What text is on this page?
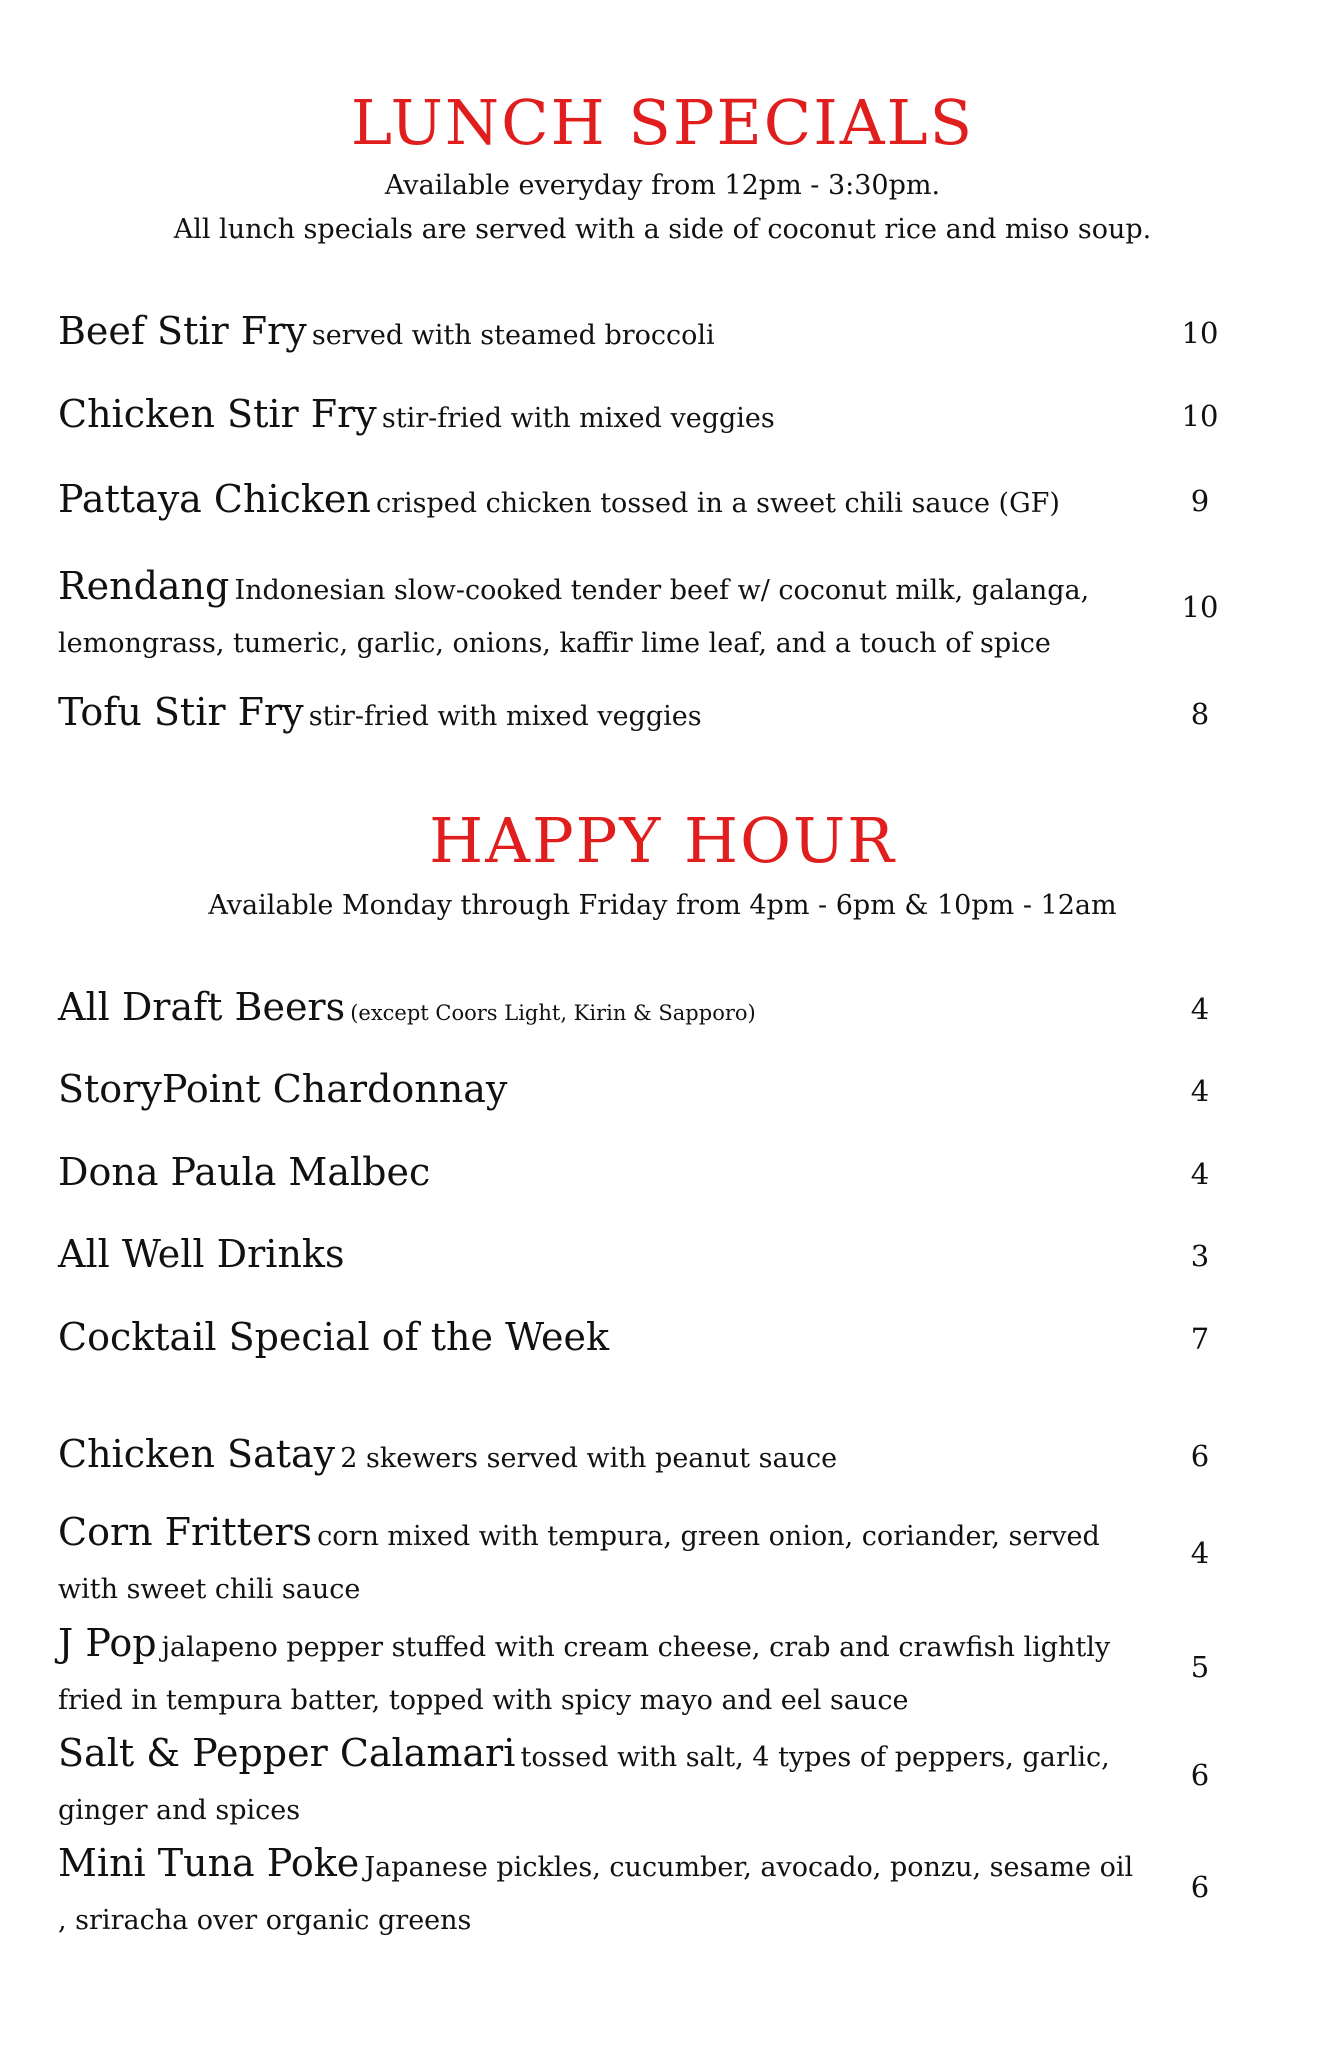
LUNCH SPECIALS
Available everyday from 12pm - 3:30pm.
All lunch specials are served with a side of coconut rice and miso soup.
Beef Stir Fry served with steamed broccoli	10
Chicken Stir Fry stir-fried with mixed veggies	10
Pattaya Chicken crisped chicken tossed in a sweet chili sauce (GF)	9
Rendang Indonesian slow-cooked tender beef w/ coconut milk, galanga,
lemongrass, tumeric, garlic, onions, kaffir lime leaf, and a touch of spice
10
Tofu Stir Fry stir-fried with mixed veggies	8
HAPPY HOUR
Available Monday through Friday from 4pm - 6pm & 10pm - 12am
All Draft Beers (except Coors Light, Kirin & Sapporo)	4
StoryPoint Chardonnay	4
Dona Paula Malbec	4
All Well Drinks	3
Cocktail Special of the Week	7
Chicken Satay 2 skewers served with peanut sauce	6
Corn Fritters corn mixed with tempura, green onion, coriander, served
with sweet chili sauce
4
J Pop jalapeno pepper stuffed with cream cheese, crab and crawfish lightly
fried in tempura batter, topped with spicy mayo and eel sauce
5
Salt & Pepper Calamari tossed with salt, 4 types of peppers, garlic,
ginger and spices
6
Mini Tuna Poke Japanese pickles, cucumber, avocado, ponzu, sesame oil
, sriracha over organic greens
6
